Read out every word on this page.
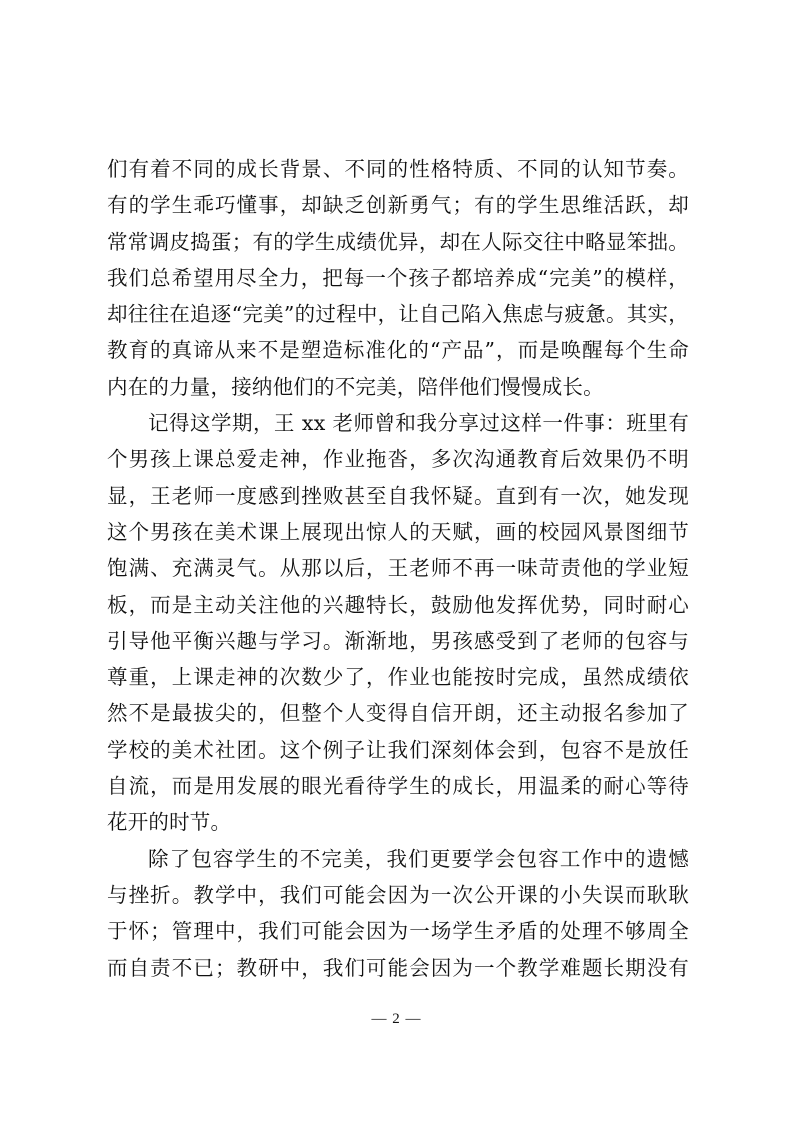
们有着不同的成长背景、不同的性格特质、不同的认知节奏。
有的学生乖巧懂事，却缺乏创新勇气；有的学生思维活跃，却
常常调皮捣蛋；有的学生成绩优异，却在人际交往中略显笨拙。
我们总希望用尽全力，把每一个孩子都培养成“完美”的模样，
却往往在追逐“完美”的过程中，让自己陷入焦虑与疲惫。其实，
教育的真谛从来不是塑造标准化的“产品”，而是唤醒每个生命
内在的力量，接纳他们的不完美，陪伴他们慢慢成长。
记得这学期，王 xx 老师曾和我分享过这样一件事：班里有
个男孩上课总爱走神，作业拖沓，多次沟通教育后效果仍不明
显，王老师一度感到挫败甚至自我怀疑。直到有一次，她发现
这个男孩在美术课上展现出惊人的天赋，画的校园风景图细节
饱满、充满灵气。从那以后，王老师不再一味苛责他的学业短
板，而是主动关注他的兴趣特长，鼓励他发挥优势，同时耐心
引导他平衡兴趣与学习。渐渐地，男孩感受到了老师的包容与
尊重，上课走神的次数少了，作业也能按时完成，虽然成绩依
然不是最拔尖的，但整个人变得自信开朗，还主动报名参加了
学校的美术社团。这个例子让我们深刻体会到，包容不是放任
自流，而是用发展的眼光看待学生的成长，用温柔的耐心等待
花开的时节。
除了包容学生的不完美，我们更要学会包容工作中的遗憾
与挫折。教学中，我们可能会因为一次公开课的小失误而耿耿
于怀；管理中，我们可能会因为一场学生矛盾的处理不够周全
而自责不已；教研中，我们可能会因为一个教学难题长期没有
— 2 —
